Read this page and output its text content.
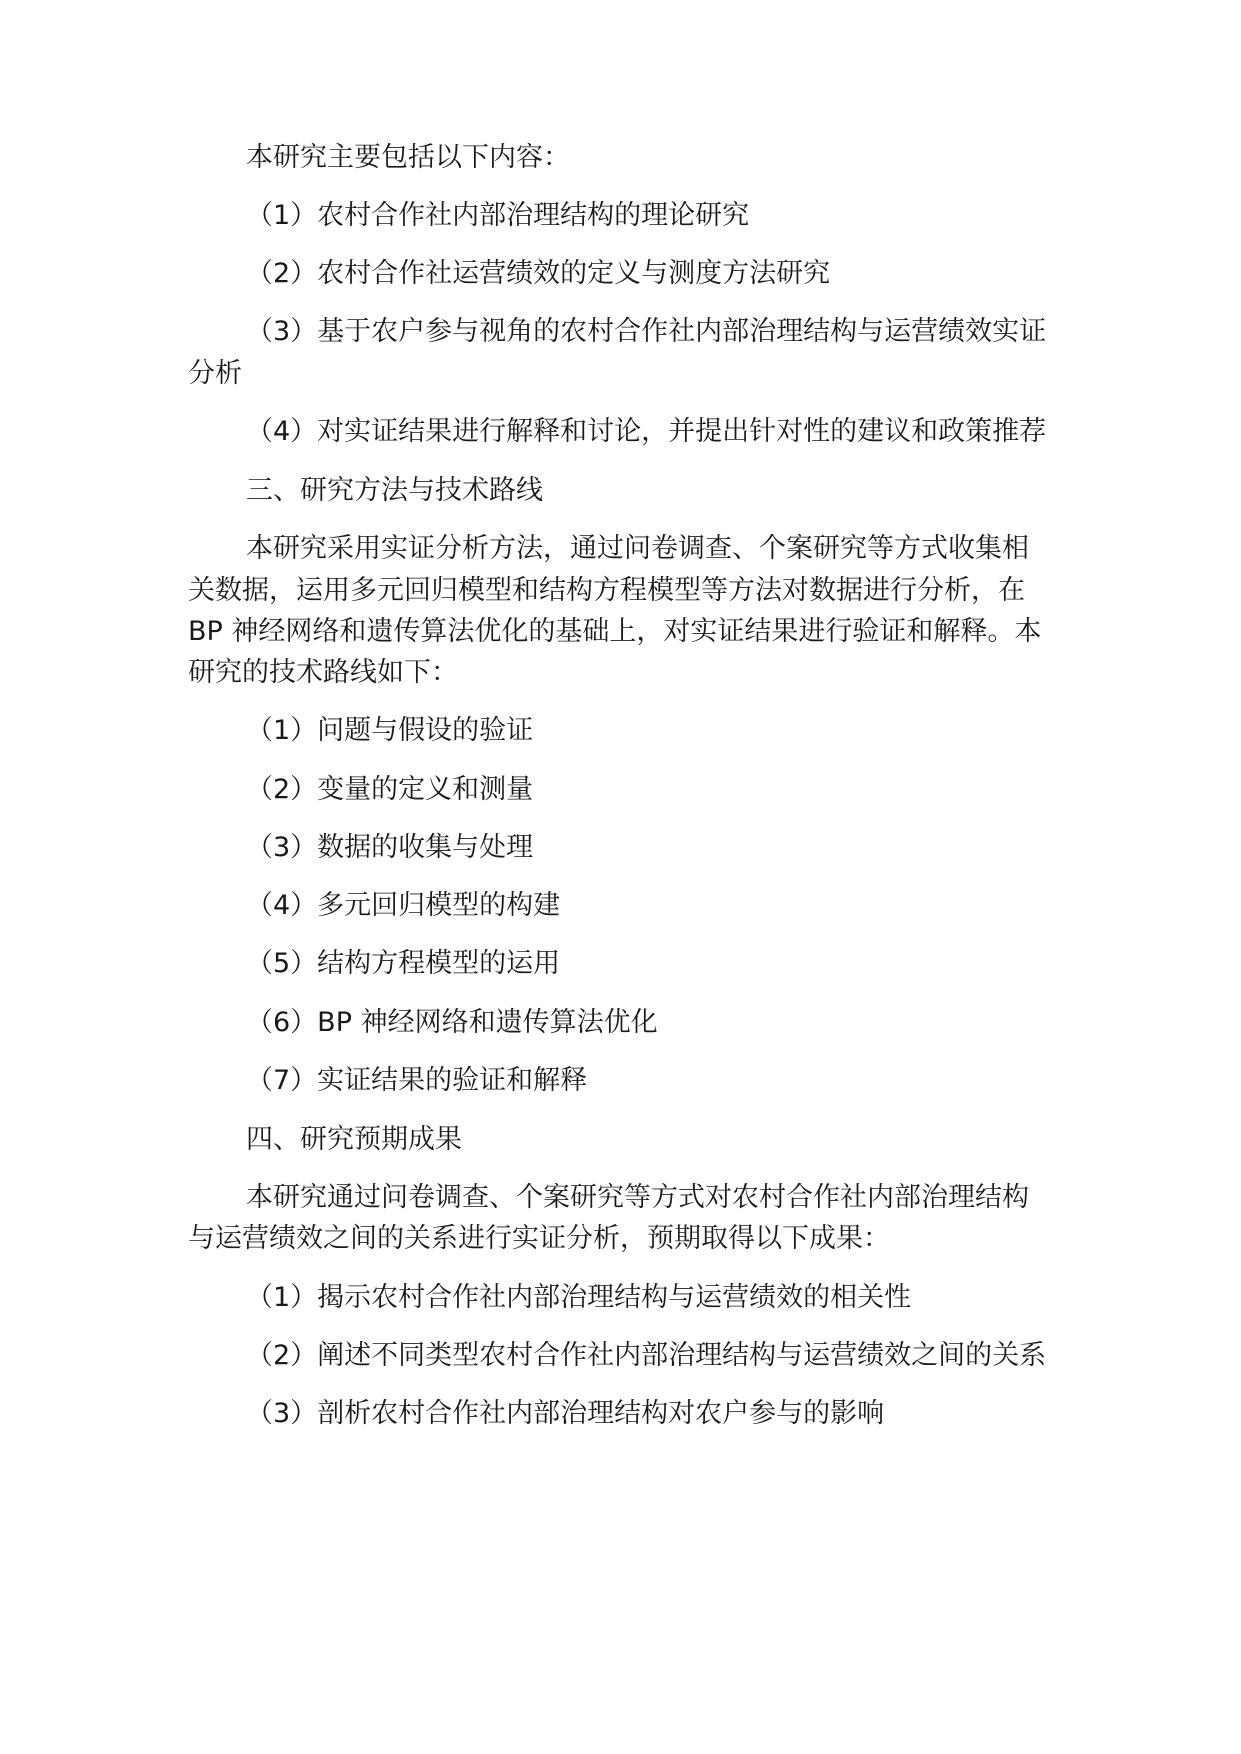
本研究主要包括以下内容：
（1）农村合作社内部治理结构的理论研究
（2）农村合作社运营绩效的定义与测度方法研究
（3）基于农户参与视角的农村合作社内部治理结构与运营绩效实证
分析
（4）对实证结果进行解释和讨论，并提出针对性的建议和政策推荐
三、研究方法与技术路线
本研究采用实证分析方法，通过问卷调查、个案研究等方式收集相
关数据，运用多元回归模型和结构方程模型等方法对数据进行分析，在
BP 神经网络和遗传算法优化的基础上，对实证结果进行验证和解释。本
研究的技术路线如下：
（1）问题与假设的验证
（2）变量的定义和测量
（3）数据的收集与处理
（4）多元回归模型的构建
（5）结构方程模型的运用
（6）BP 神经网络和遗传算法优化
（7）实证结果的验证和解释
四、研究预期成果
本研究通过问卷调查、个案研究等方式对农村合作社内部治理结构
与运营绩效之间的关系进行实证分析，预期取得以下成果：
（1）揭示农村合作社内部治理结构与运营绩效的相关性
（2）阐述不同类型农村合作社内部治理结构与运营绩效之间的关系
（3）剖析农村合作社内部治理结构对农户参与的影响
